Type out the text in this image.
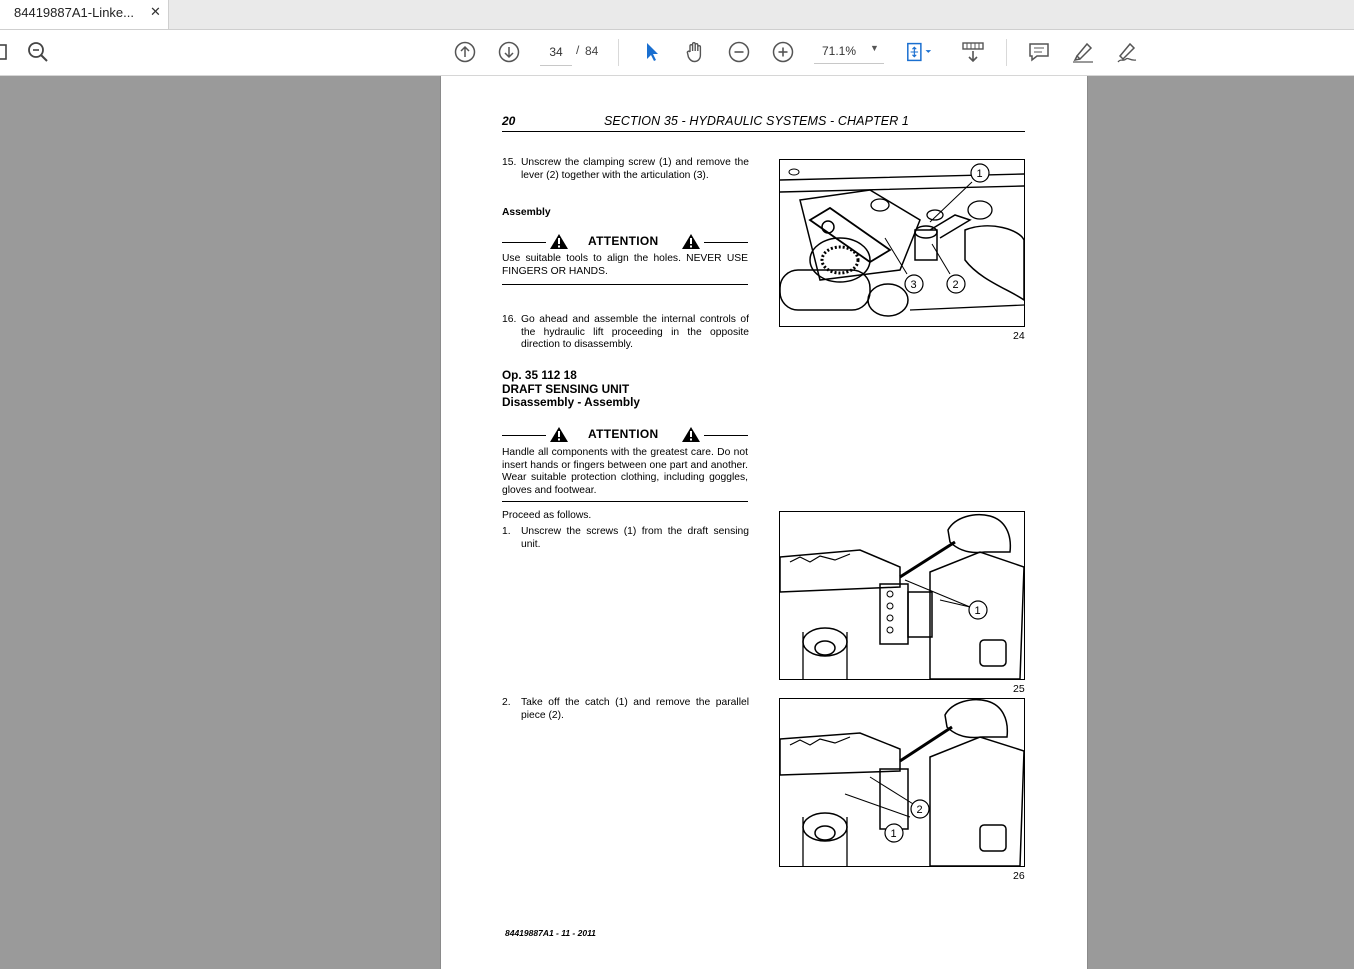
84419887A1-Linke... ✕
34
/ 84	71.1% ▼
20	SECTION 35 - HYDRAULIC SYSTEMS - CHAPTER 1
15. Unscrew the clamping screw (1) and remove the lever (2) together with the articulation (3).
Assembly
ATTENTION
Use suitable tools to align the holes. NEVER USE FINGERS OR HANDS.
16. Go ahead and assemble the internal controls of the hydraulic lift proceeding in the opposite direction to disassembly.
Op. 35 112 18
DRAFT SENSING UNIT
Disassembly - Assembly
ATTENTION
Handle all components with the greatest care. Do not insert hands or fingers between one part and another. Wear suitable protection clothing, including goggles, gloves and footwear.
Proceed as follows.
1. Unscrew the screws (1) from the draft sensing unit.
2. Take off the catch (1) and remove the parallel piece (2).
1
2
3
24
1
25
1
2
26
84419887A1 - 11 - 2011
